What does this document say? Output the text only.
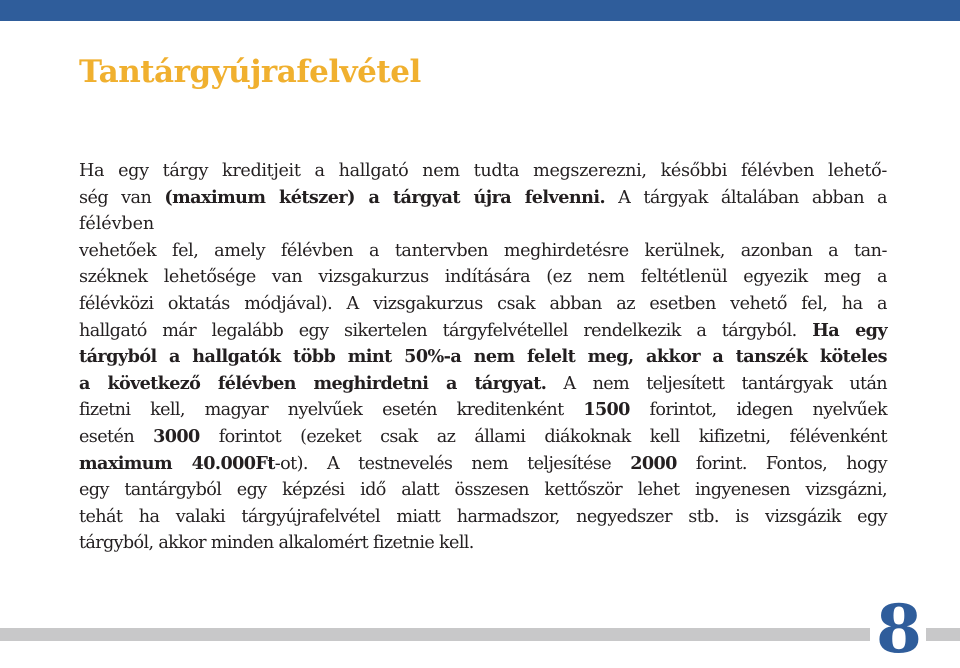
Tantárgyújrafelvétel
Ha egy tárgy kreditjeit a hallgató nem tudta megszerezni, későbbi félévben lehető-
ség van (maximum kétszer) a tárgyat újra felvenni. A tárgyak általában abban a
félévben
vehetőek fel, amely félévben a tantervben meghirdetésre kerülnek, azonban a tan-
széknek lehetősége van vizsgakurzus indítására (ez nem feltétlenül egyezik meg a
félévközi oktatás módjával). A vizsgakurzus csak abban az esetben vehető fel, ha a
hallgató már legalább egy sikertelen tárgyfelvétellel rendelkezik a tárgyból. Ha egy
tárgyból a hallgatók több mint 50%-a nem felelt meg, akkor a tanszék köteles
a következő félévben meghirdetni a tárgyat. A nem teljesített tantárgyak után
fizetni kell, magyar nyelvűek esetén kreditenként 1500 forintot, idegen nyelvűek
esetén 3000 forintot (ezeket csak az állami diákoknak kell kifizetni, félévenként
maximum 40.000Ft-ot). A testnevelés nem teljesítése 2000 forint. Fontos, hogy
egy tantárgyból egy képzési idő alatt összesen kettőször lehet ingyenesen vizsgázni,
tehát ha valaki tárgyújrafelvétel miatt harmadszor, negyedszer stb. is vizsgázik egy
tárgyból, akkor minden alkalomért fizetnie kell.
8
